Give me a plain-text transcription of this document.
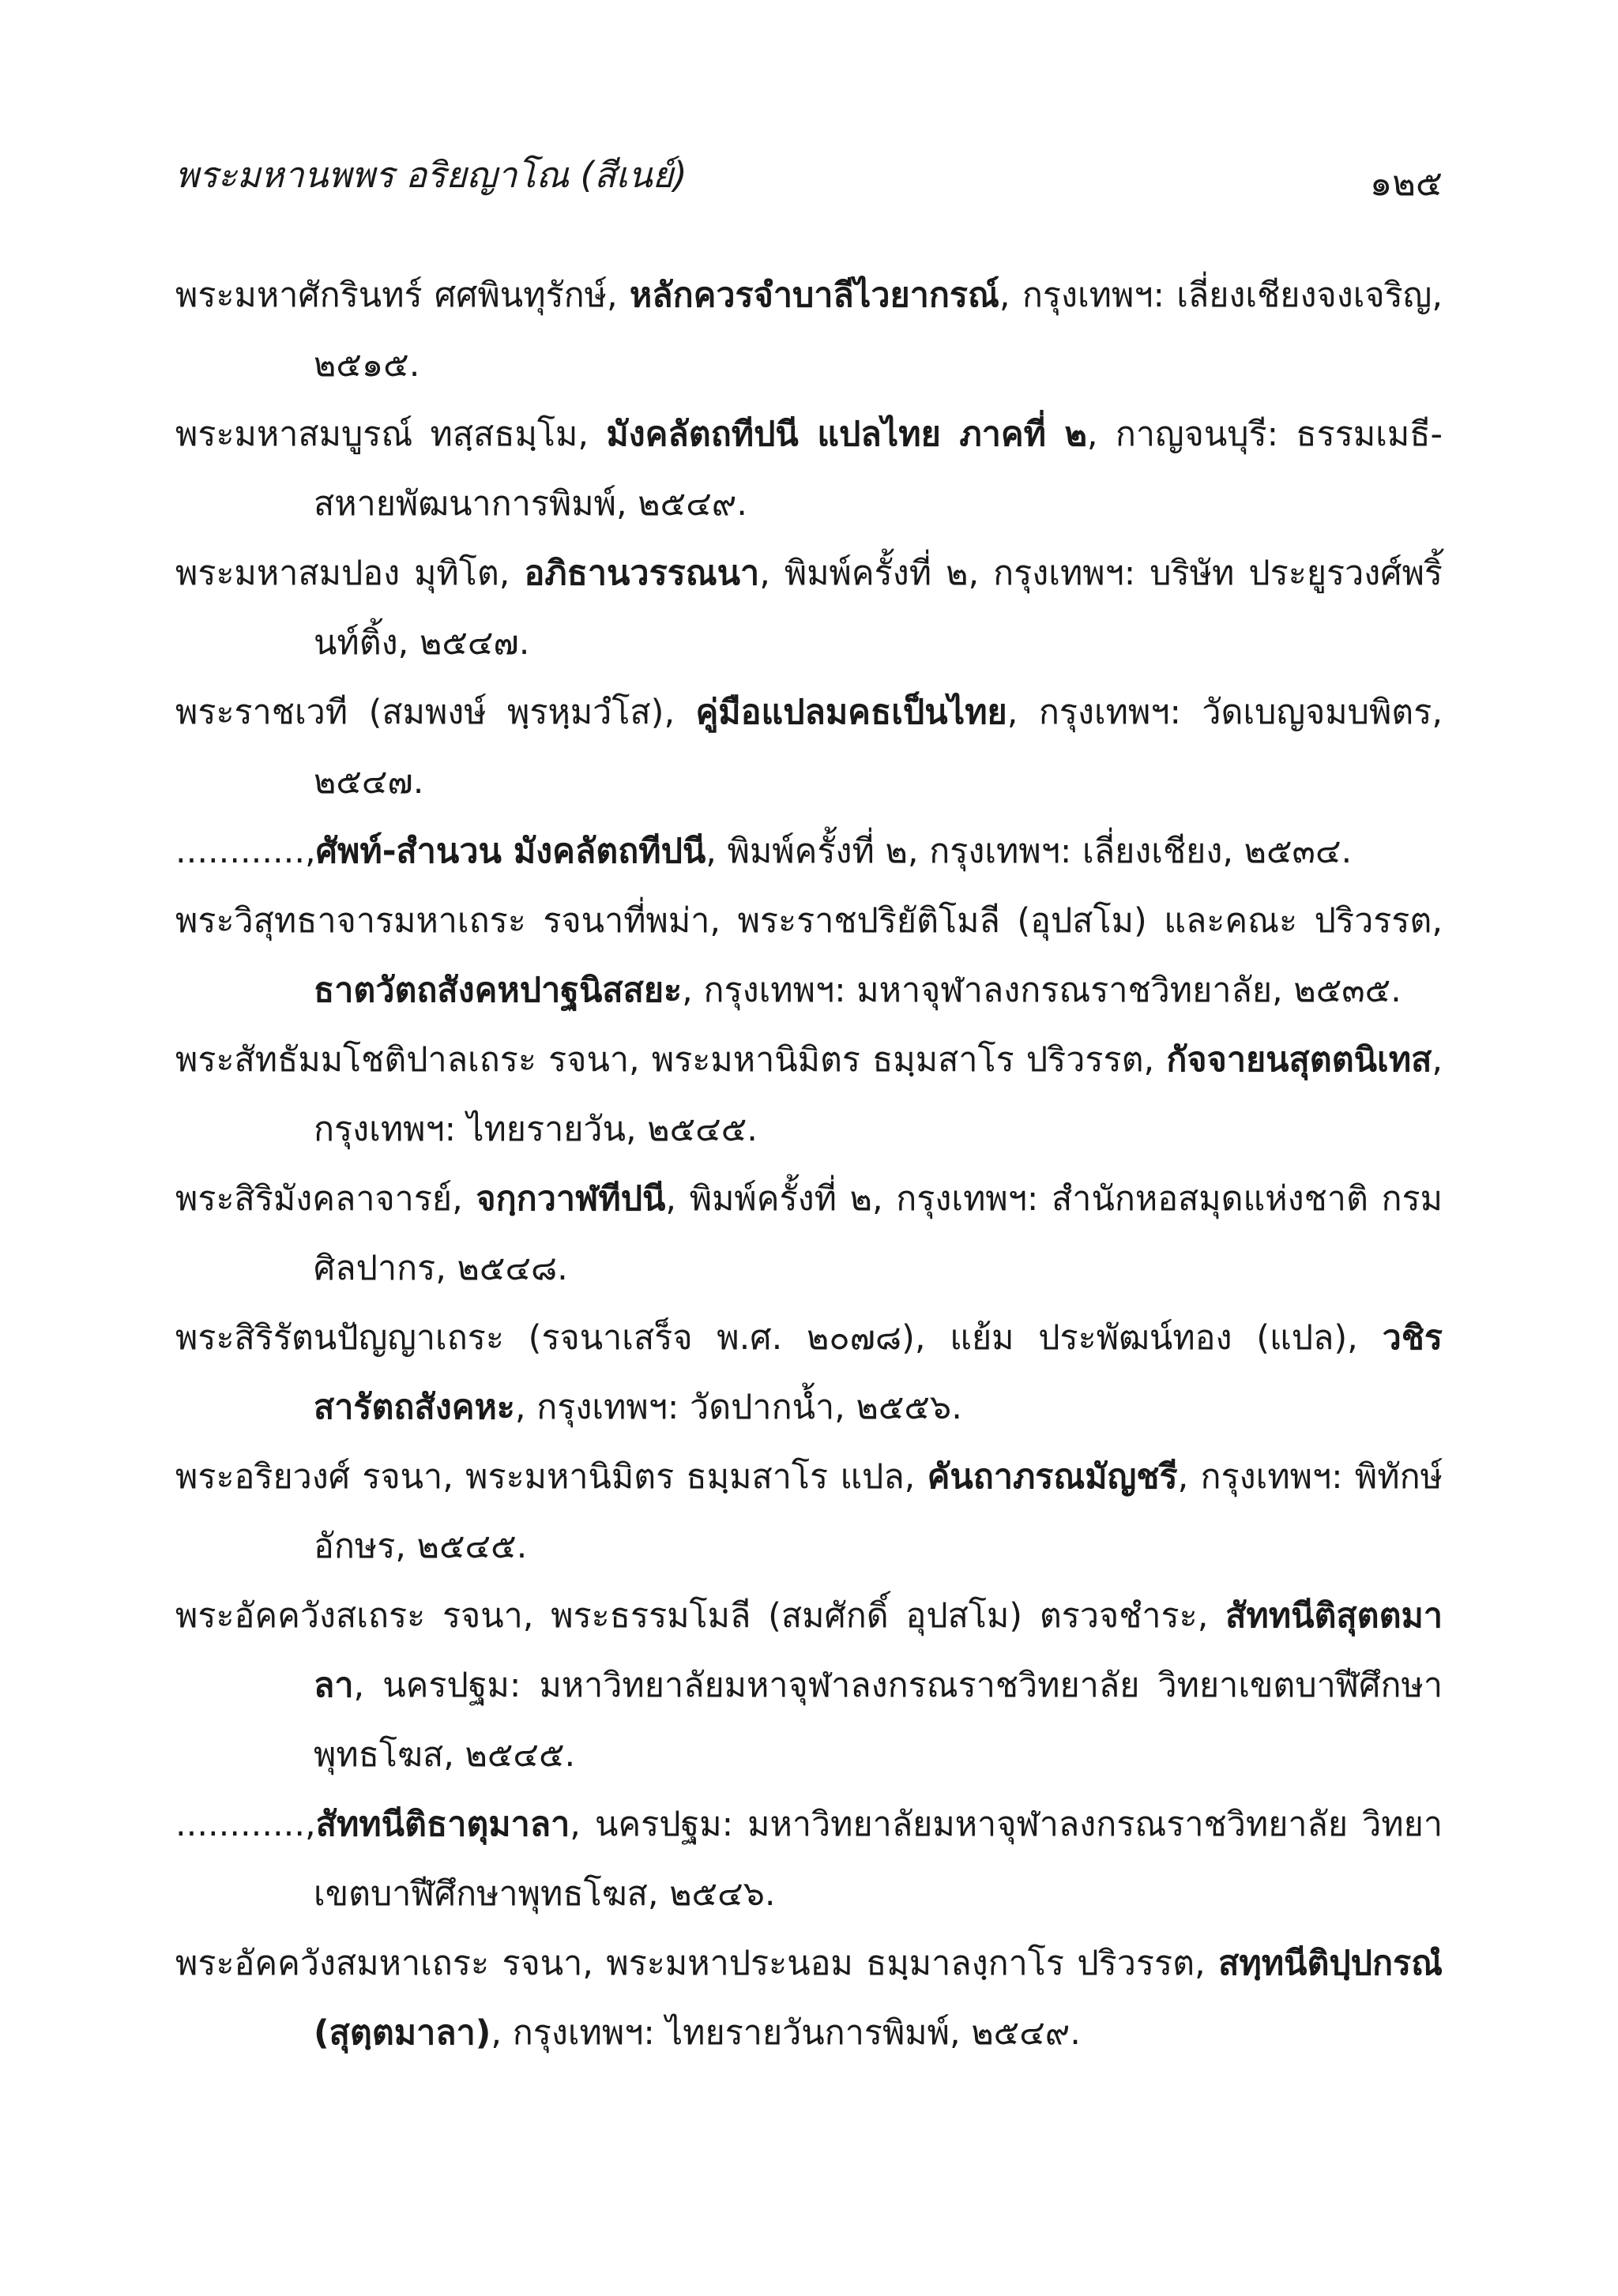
พระมหานพพร อริยญาโณ (สีเนย์)	๑๒๕

พระมหาศักรินทร์ ศศพินทุรักษ์, หลักควรจำบาลีไวยากรณ์, กรุงเทพฯ: เลี่ยงเชียงจงเจริญ, ๒๕๑๕.

พระมหาสมบูรณ์ ทสฺสธมฺโม, มังคลัตถทีปนี แปลไทย ภาคที่ ๒, กาญจนบุรี: ธรรมเมธี-สหายพัฒนาการพิมพ์, ๒๕๔๙.

พระมหาสมปอง มุทิโต, อภิธานวรรณนา, พิมพ์ครั้งที่ ๒, กรุงเทพฯ: บริษัท ประยูรวงศ์พริ้นท์ติ้ง, ๒๕๔๗.

พระราชเวที (สมพงษ์ พฺรหฺมวํโส), คู่มือแปลมคธเป็นไทย, กรุงเทพฯ: วัดเบญจมบพิตร, ๒๕๔๗.

............,ศัพท์-สำนวน มังคลัตถทีปนี, พิมพ์ครั้งที่ ๒, กรุงเทพฯ: เลี่ยงเชียง, ๒๕๓๔.

พระวิสุทธาจารมหาเถระ รจนาที่พม่า, พระราชปริยัติโมลี (อุปสโม) และคณะ ปริวรรต, ธาตวัตถสังคหปาฐนิสสยะ, กรุงเทพฯ: มหาจุฬาลงกรณราชวิทยาลัย, ๒๕๓๕.

พระสัทธัมมโชติปาลเถระ รจนา, พระมหานิมิตร ธมฺมสาโร ปริวรรต, กัจจายนสุตตนิเทส, กรุงเทพฯ: ไทยรายวัน, ๒๕๔๕.

พระสิริมังคลาจารย์, จกฺกวาฬทีปนี, พิมพ์ครั้งที่ ๒, กรุงเทพฯ: สำนักหอสมุดแห่งชาติ กรมศิลปากร, ๒๕๔๘.

พระสิริรัตนปัญญาเถระ (รจนาเสร็จ พ.ศ. ๒๐๗๘), แย้ม ประพัฒน์ทอง (แปล), วชิรสารัตถสังคหะ, กรุงเทพฯ: วัดปากน้ำ, ๒๕๕๖.

พระอริยวงศ์ รจนา, พระมหานิมิตร ธมฺมสาโร แปล, คันถาภรณมัญชรี, กรุงเทพฯ: พิทักษ์อักษร, ๒๕๔๕.

พระอัคควังสเถระ รจนา, พระธรรมโมลี (สมศักดิ์ อุปสโม) ตรวจชำระ, สัททนีติสุตตมาลา, นครปฐม: มหาวิทยาลัยมหาจุฬาลงกรณราชวิทยาลัย วิทยาเขตบาฬีศึกษาพุทธโฆส, ๒๕๔๕.

............,สัททนีติธาตุมาลา, นครปฐม: มหาวิทยาลัยมหาจุฬาลงกรณราชวิทยาลัย วิทยาเขตบาฬีศึกษาพุทธโฆส, ๒๕๔๖.

พระอัคควังสมหาเถระ รจนา, พระมหาประนอม ธมฺมาลงฺกาโร ปริวรรต, สทฺทนีติปฺปกรณํ (สุตฺตมาลา), กรุงเทพฯ: ไทยรายวันการพิมพ์, ๒๕๔๙.
